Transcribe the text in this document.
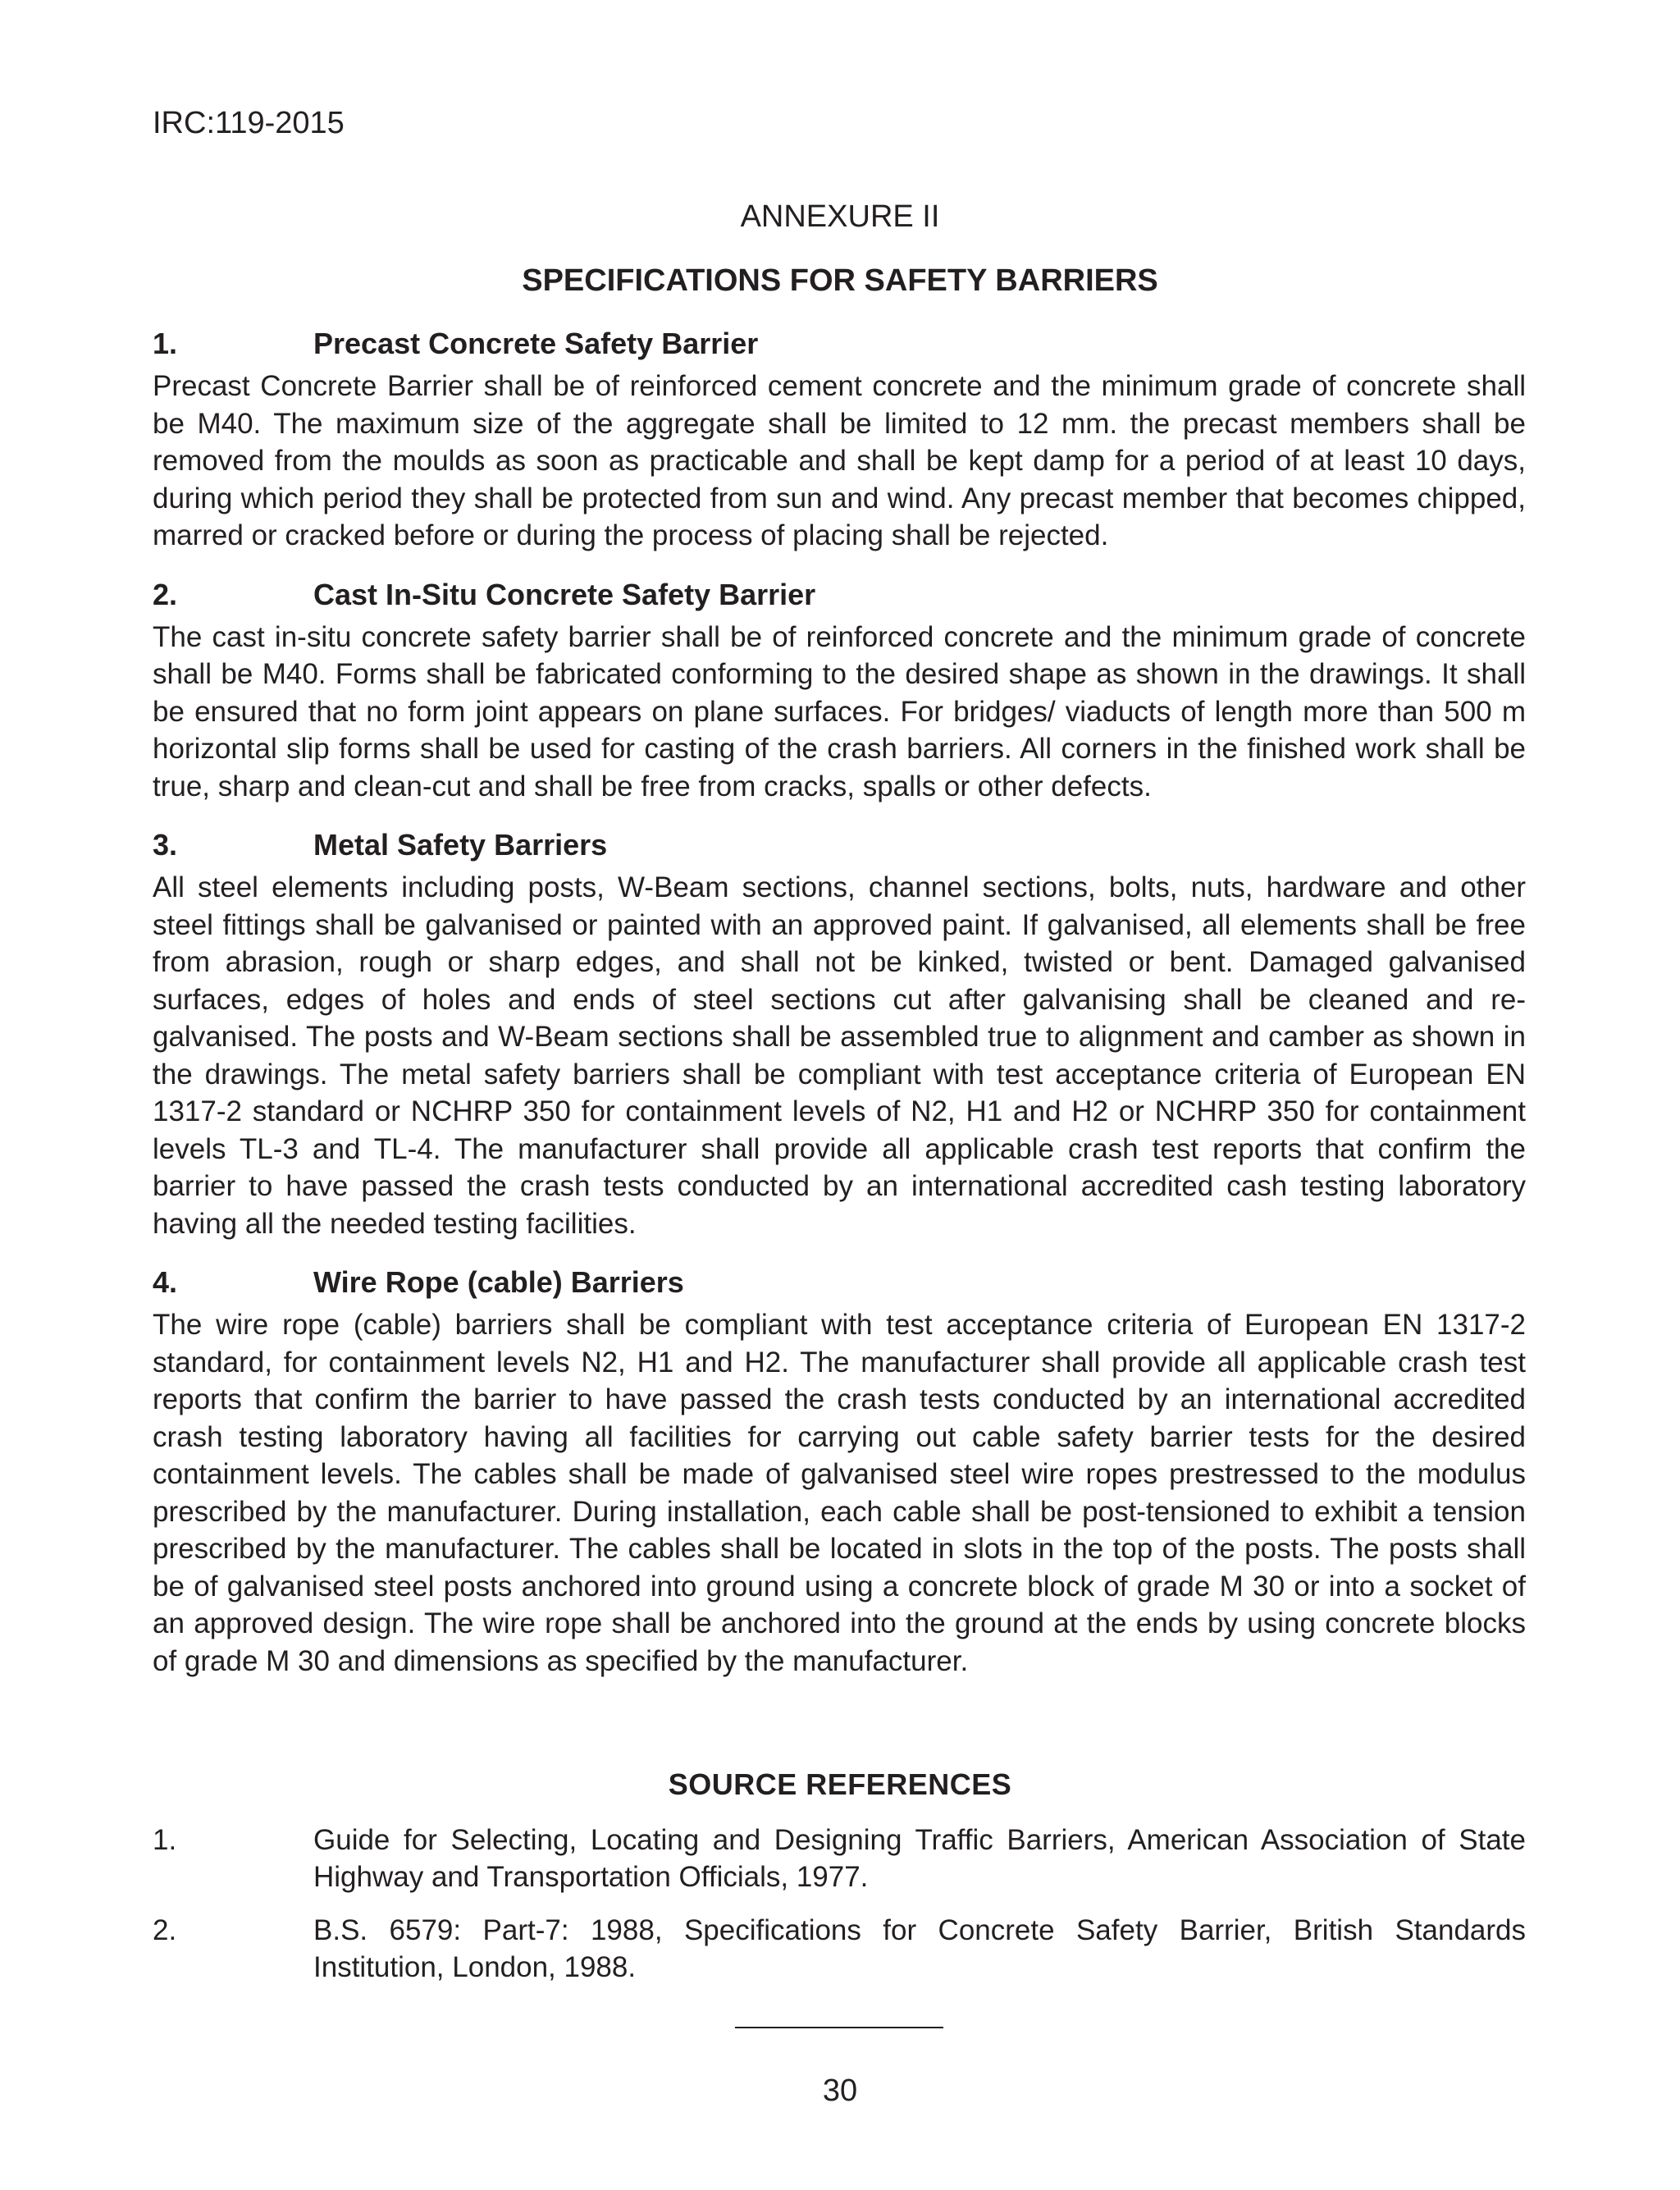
IRC:119-2015
ANNEXURE II
SPECIFICATIONS FOR SAFETY BARRIERS
1.	Precast Concrete Safety Barrier

Precast Concrete Barrier shall be of reinforced cement concrete and the minimum grade of concrete shall be M40. The maximum size of the aggregate shall be limited to 12 mm. the precast members shall be removed from the moulds as soon as practicable and shall be kept damp for a period of at least 10 days, during which period they shall be protected from sun and wind. Any precast member that becomes chipped, marred or cracked before or during the process of placing shall be rejected.

2.	Cast In-Situ Concrete Safety Barrier

The cast in-situ concrete safety barrier shall be of reinforced concrete and the minimum grade of concrete shall be M40. Forms shall be fabricated conforming to the desired shape as shown in the drawings. It shall be ensured that no form joint appears on plane surfaces. For bridges/ viaducts of length more than 500 m horizontal slip forms shall be used for casting of the crash barriers. All corners in the finished work shall be true, sharp and clean-cut and shall be free from cracks, spalls or other defects.

3.	Metal Safety Barriers

All steel elements including posts, W-Beam sections, channel sections, bolts, nuts, hardware and other steel fittings shall be galvanised or painted with an approved paint. If galvanised, all elements shall be free from abrasion, rough or sharp edges, and shall not be kinked, twisted or bent. Damaged galvanised surfaces, edges of holes and ends of steel sections cut after galvanising shall be cleaned and re-galvanised. The posts and W-Beam sections shall be assembled true to alignment and camber as shown in the drawings. The metal safety barriers shall be compliant with test acceptance criteria of European EN 1317-2 standard or NCHRP 350 for containment levels of N2, H1 and H2 or NCHRP 350 for containment levels TL-3 and TL-4. The manufacturer shall provide all applicable crash test reports that confirm the barrier to have passed the crash tests conducted by an international accredited cash testing laboratory having all the needed testing facilities.

4.	Wire Rope (cable) Barriers

The wire rope (cable) barriers shall be compliant with test acceptance criteria of European EN 1317-2 standard, for containment levels N2, H1 and H2. The manufacturer shall provide all applicable crash test reports that confirm the barrier to have passed the crash tests conducted by an international accredited crash testing laboratory having all facilities for carrying out cable safety barrier tests for the desired containment levels. The cables shall be made of galvanised steel wire ropes prestressed to the modulus prescribed by the manufacturer. During installation, each cable shall be post-tensioned to exhibit a tension prescribed by the manufacturer. The cables shall be located in slots in the top of the posts. The posts shall be of galvanised steel posts anchored into ground using a concrete block of grade M 30 or into a socket of an approved design. The wire rope shall be anchored into the ground at the ends by using concrete blocks of grade M 30 and dimensions as specified by the manufacturer.

SOURCE REFERENCES
1.	Guide for Selecting, Locating and Designing Traffic Barriers, American Association of State Highway and Transportation Officials, 1977.
2.	B.S. 6579: Part-7: 1988, Specifications for Concrete Safety Barrier, British Standards Institution, London, 1988.
30
